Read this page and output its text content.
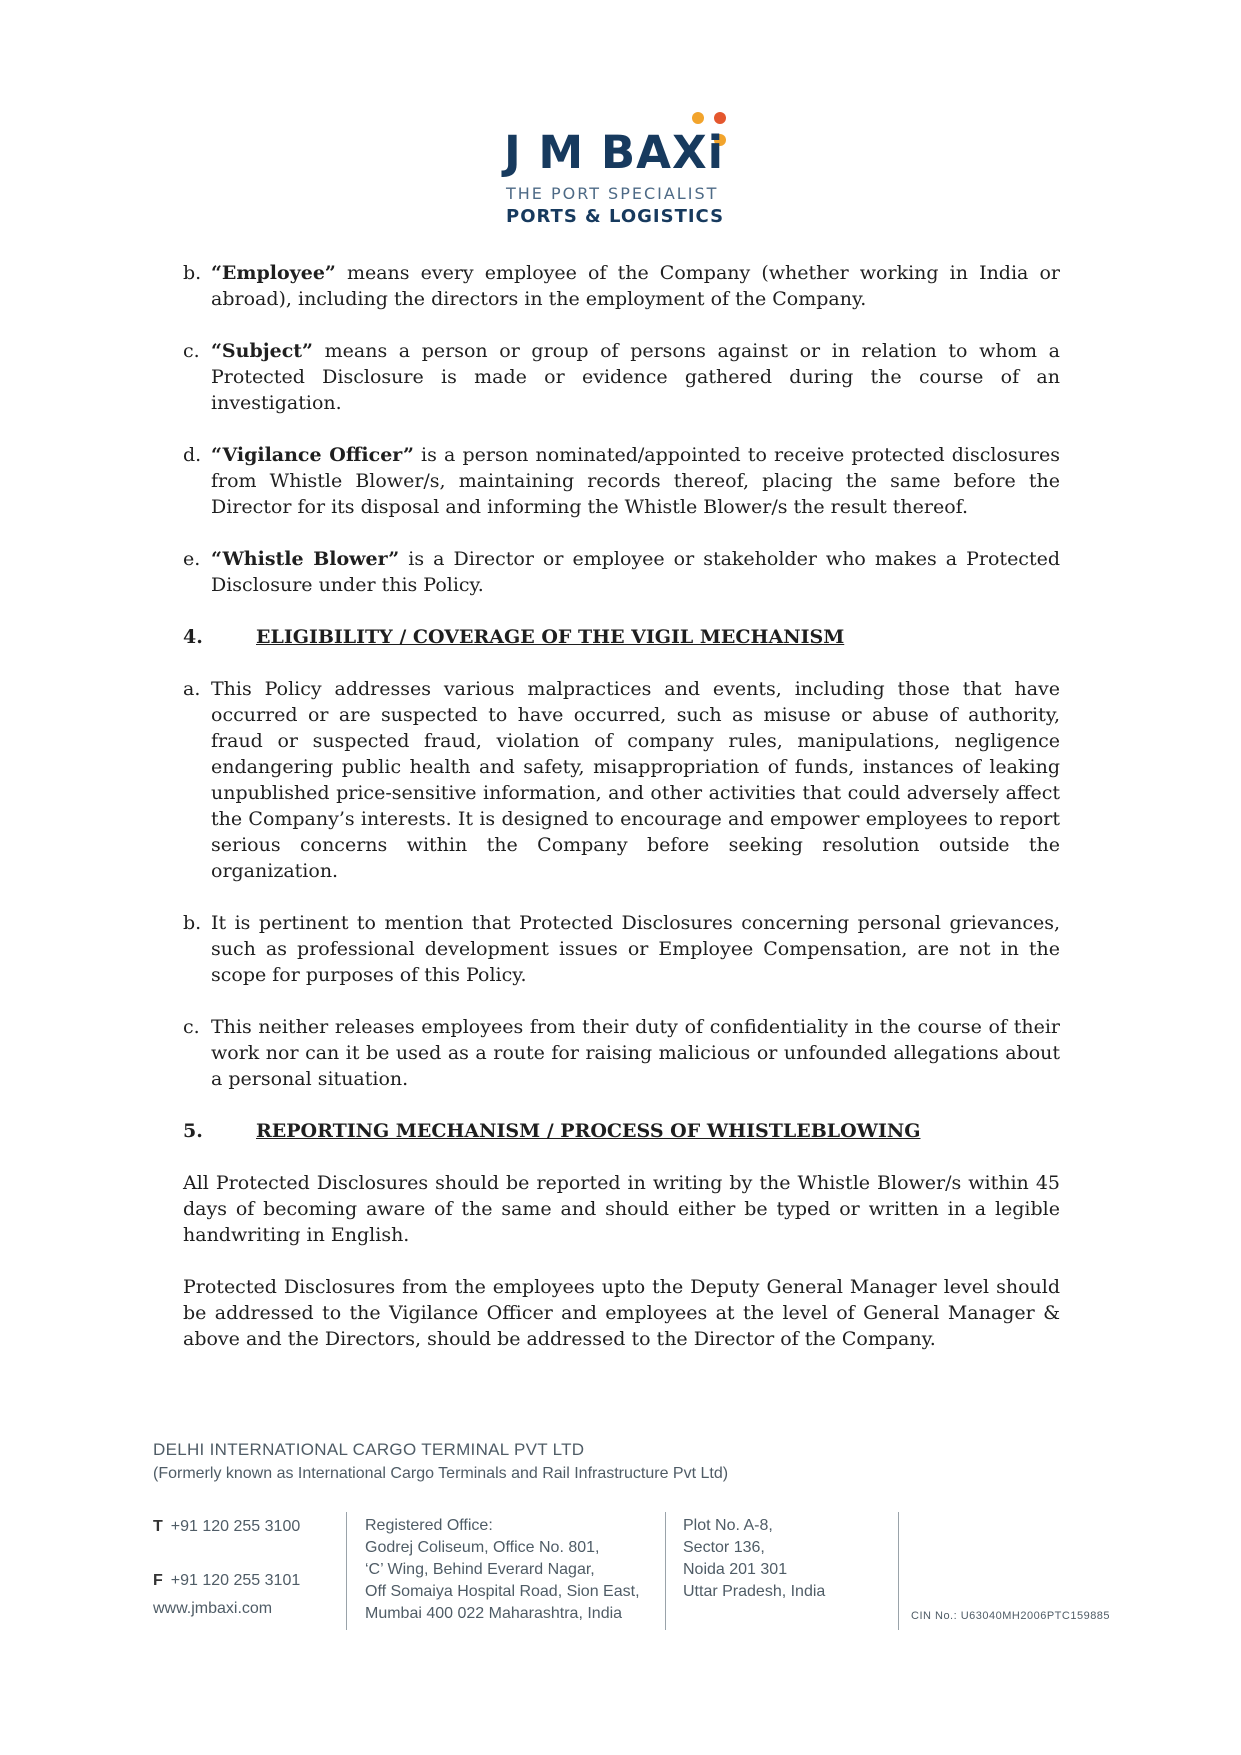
J M BAXi
THE PORT SPECIALIST
PORTS & LOGISTICS
b. “Employee” means every employee of the Company (whether working in India or abroad), including the directors in the employment of the Company.
c. “Subject” means a person or group of persons against or in relation to whom a Protected Disclosure is made or evidence gathered during the course of an investigation.
d. “Vigilance Officer” is a person nominated/appointed to receive protected disclosures from Whistle Blower/s, maintaining records thereof, placing the same before the Director for its disposal and informing the Whistle Blower/s the result thereof.
e. “Whistle Blower” is a Director or employee or stakeholder who makes a Protected Disclosure under this Policy.
4.	ELIGIBILITY / COVERAGE OF THE VIGIL MECHANISM
a. This Policy addresses various malpractices and events, including those that have occurred or are suspected to have occurred, such as misuse or abuse of authority, fraud or suspected fraud, violation of company rules, manipulations, negligence endangering public health and safety, misappropriation of funds, instances of leaking unpublished price-sensitive information, and other activities that could adversely affect the Company’s interests. It is designed to encourage and empower employees to report serious concerns within the Company before seeking resolution outside the organization.
b. It is pertinent to mention that Protected Disclosures concerning personal grievances, such as professional development issues or Employee Compensation, are not in the scope for purposes of this Policy.
c. This neither releases employees from their duty of confidentiality in the course of their work nor can it be used as a route for raising malicious or unfounded allegations about a personal situation.
5.	REPORTING MECHANISM / PROCESS OF WHISTLEBLOWING
All Protected Disclosures should be reported in writing by the Whistle Blower/s within 45 days of becoming aware of the same and should either be typed or written in a legible handwriting in English.
Protected Disclosures from the employees upto the Deputy General Manager level should be addressed to the Vigilance Officer and employees at the level of General Manager & above and the Directors, should be addressed to the Director of the Company.
DELHI INTERNATIONAL CARGO TERMINAL PVT LTD
(Formerly known as International Cargo Terminals and Rail Infrastructure Pvt Ltd)
T +91 120 255 3100
F +91 120 255 3101
www.jmbaxi.com
Registered Office:
Godrej Coliseum, Office No. 801,
‘C’ Wing, Behind Everard Nagar,
Off Somaiya Hospital Road, Sion East,
Mumbai 400 022 Maharashtra, India
Plot No. A-8,
Sector 136,
Noida 201 301
Uttar Pradesh, India
CIN No.: U63040MH2006PTC159885
